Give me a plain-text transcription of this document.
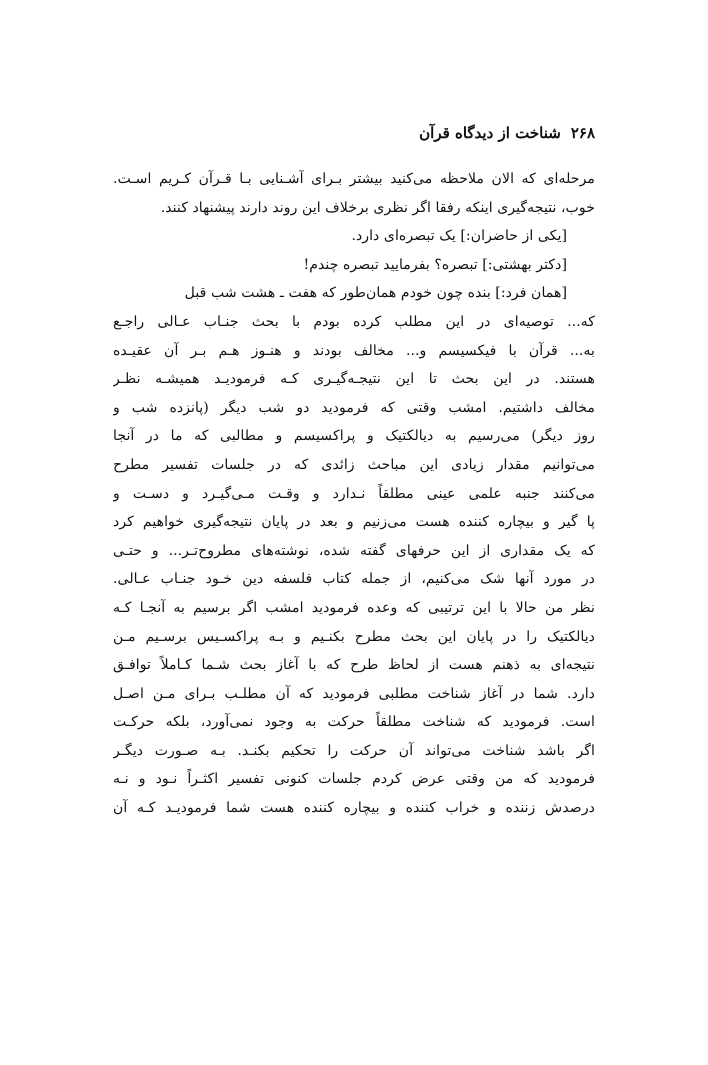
۲۶۸
شناخت از دیدگاه قرآن
مرحله‌ای که الان ملاحظه می‌کنید بیشتر بـرای آشـنایی بـا قـرآن کـریم اسـت.
خوب، نتیجه‌گیری اینکه رفقا اگر نظری برخلاف این روند دارند پیشنهاد کنند.
[یکی از حاضران:] یک تبصره‌ای دارد.
[دکتر بهشتی:] تبصره؟ بفرمایید تبصره چندم!
[همان فرد:] بنده چون خودم همان‌طور که هفت ـ هشت شب قبل
که... توصیه‌ای در این مطلب کرده بودم با بحث جنـاب عـالی راجـع
به... قرآن با فیکسیسم و... مخالف بودند و هنـوز هـم بـر آن عقیـده
هستند. در این بحث تا این نتیجـه‌گیـری کـه فرمودیـد همیشـه نظـر
مخالف داشتیم. امشب وقتی که فرمودید دو شب دیگر (پانزده شب و
روز دیگر) می‌رسیم به دیالکتیک و پراکسیسم و مطالبی که ما در آنجا
می‌توانیم مقدار زیادی این مباحث زائدی که در جلسات تفسیر مطرح
می‌کنند جنبه علمی عینی مطلقاً نـدارد و وقـت مـی‌گیـرد و دسـت و
پا گیر و بیچاره کننده هست می‌زنیم و بعد در پایان نتیجه‌گیری خواهیم کرد
که یک مقداری از این حرفهای گفته شده، نوشته‌های مطروح‌تـر... و حتـی
در مورد آنها شک می‌کنیم، از جمله کتاب فلسفه دین خـود جنـاب عـالی.
نظر من حالا با این ترتیبی که وعده فرمودید امشب اگر برسیم به آنجـا کـه
دیالکتیک را در پایان این بحث مطرح بکنـیم و بـه پراکسـیس برسـیم مـن
نتیجه‌ای به ذهنم هست از لحاظ طرح که با آغاز بحث شـما کـاملاً توافـق
دارد. شما در آغاز شناخت مطلبی فرمودید که آن مطلـب بـرای مـن اصـل
است. فرمودید که شناخت مطلقاً حرکت به وجود نمی‌آورد، بلکه حرکـت
اگر باشد شناخت می‌تواند آن حرکت را تحکیم بکنـد. بـه صـورت دیگـر
فرمودید که من وقتی عرض کردم جلسات کنونی تفسیر اکثـراً نـود و نـه
درصدش زننده و خراب کننده و بیچاره کننده هست شما فرمودیـد کـه آن
